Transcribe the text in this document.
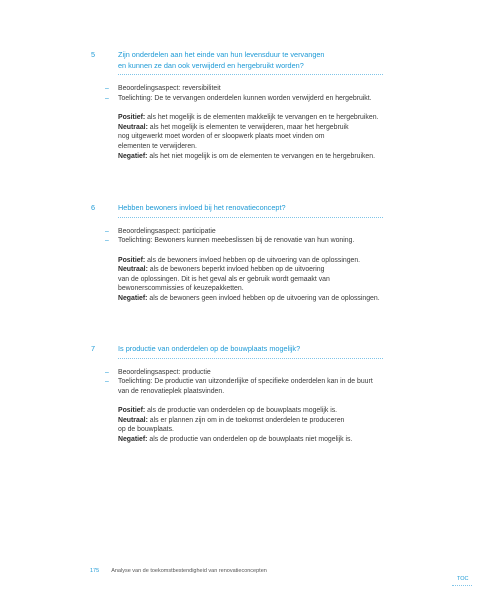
5	Zijn onderdelen aan het einde van hun levensduur te vervangen
en kunnen ze dan ook verwijderd en hergebruikt worden?
– Beoordelingsaspect: reversibiliteit
– Toelichting: De te vervangen onderdelen kunnen worden verwijderd en hergebruikt.
Positief: als het mogelijk is de elementen makkelijk te vervangen en te hergebruiken.
Neutraal: als het mogelijk is elementen te verwijderen, maar het hergebruik
nog uitgewerkt moet worden of er sloopwerk plaats moet vinden om
elementen te verwijderen.
Negatief: als het niet mogelijk is om de elementen te vervangen en te hergebruiken.
6	Hebben bewoners invloed bij het renovatieconcept?
– Beoordelingsaspect: participatie
– Toelichting: Bewoners kunnen meebeslissen bij de renovatie van hun woning.
Positief: als de bewoners invloed hebben op de uitvoering van de oplossingen.
Neutraal: als de bewoners beperkt invloed hebben op de uitvoering
van de oplossingen. Dit is het geval als er gebruik wordt gemaakt van
bewonerscommissies of keuzepakketten.
Negatief: als de bewoners geen invloed hebben op de uitvoering van de oplossingen.
7	Is productie van onderdelen op de bouwplaats mogelijk?
– Beoordelingsaspect: productie
– Toelichting: De productie van uitzonderlijke of specifieke onderdelen kan in de buurt
van de renovatieplek plaatsvinden.
Positief: als de productie van onderdelen op de bouwplaats mogelijk is.
Neutraal: als er plannen zijn om in de toekomst onderdelen te produceren
op de bouwplaats.
Negatief: als de productie van onderdelen op de bouwplaats niet mogelijk is.
175 Analyse van de toekomstbestendigheid van renovatieconcepten
TOC
